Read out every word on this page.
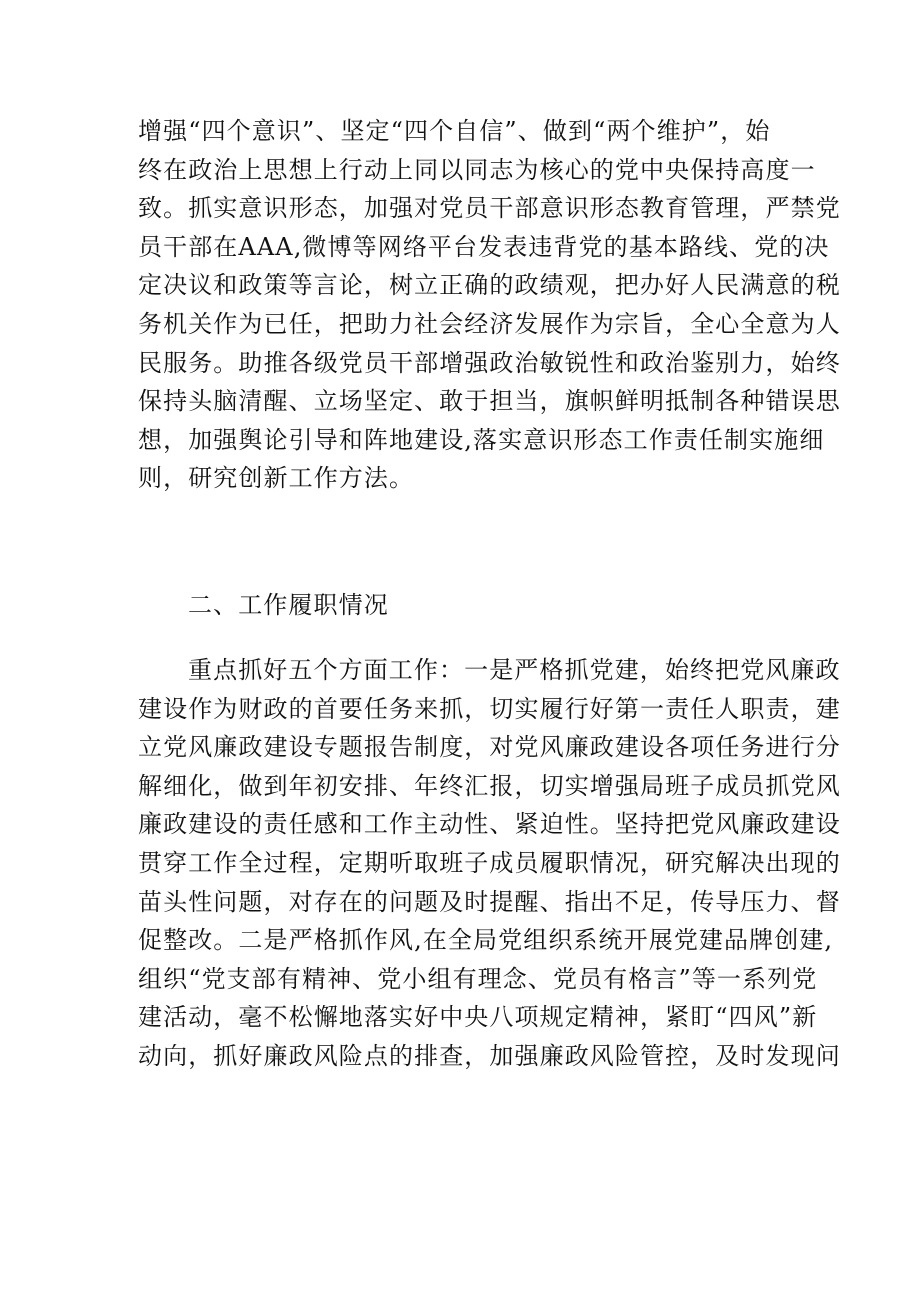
增强“四个意识”、坚定“四个自信”、做到“两个维护”，始
终在政治上思想上行动上同以同志为核心的党中央保持高度一
致。抓实意识形态，加强对党员干部意识形态教育管理，严禁党
员干部在AAA,微博等网络平台发表违背党的基本路线、党的决
定决议和政策等言论，树立正确的政绩观，把办好人民满意的税
务机关作为已任，把助力社会经济发展作为宗旨，全心全意为人
民服务。助推各级党员干部增强政治敏锐性和政治鉴别力，始终
保持头脑清醒、立场坚定、敢于担当，旗帜鲜明抵制各种错误思
想，加强舆论引导和阵地建设,落实意识形态工作责任制实施细
则，研究创新工作方法。
二、工作履职情况
重点抓好五个方面工作：一是严格抓党建，始终把党风廉政
建设作为财政的首要任务来抓，切实履行好第一责任人职责，建
立党风廉政建设专题报告制度，对党风廉政建设各项任务进行分
解细化，做到年初安排、年终汇报，切实增强局班子成员抓党风
廉政建设的责任感和工作主动性、紧迫性。坚持把党风廉政建设
贯穿工作全过程，定期听取班子成员履职情况，研究解决出现的
苗头性问题，对存在的问题及时提醒、指出不足，传导压力、督
促整改。二是严格抓作风,在全局党组织系统开展党建品牌创建,
组织“党支部有精神、党小组有理念、党员有格言”等一系列党
建活动，毫不松懈地落实好中央八项规定精神，紧盯“四风”新
动向，抓好廉政风险点的排查，加强廉政风险管控，及时发现问
